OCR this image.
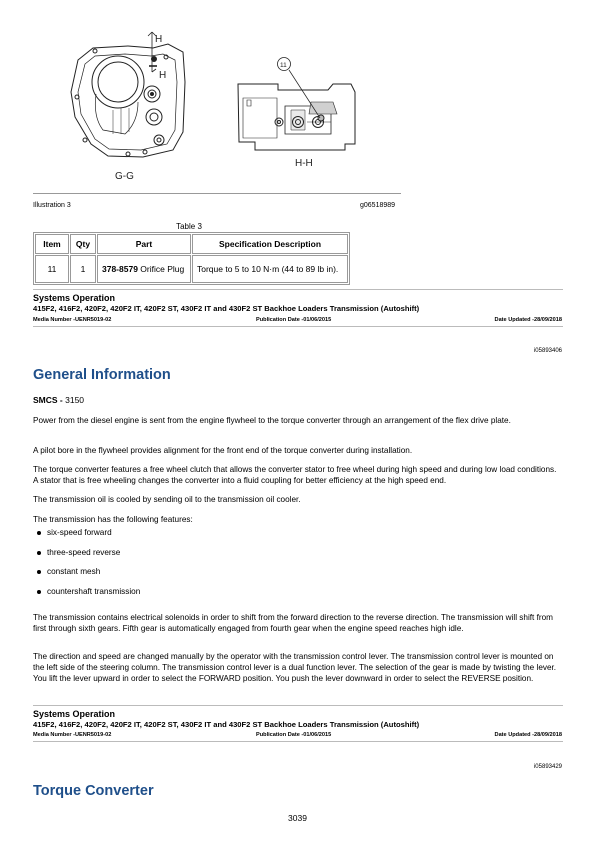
H
H
G-G
H-H
11
Illustration 3	g06518989
Table 3
Item	Qty	Part	Specification Description
11	1	378-8579 Orifice Plug	Torque to 5 to 10 N·m (44 to 89 lb in).
Systems Operation
415F2, 416F2, 420F2, 420F2 IT, 420F2 ST, 430F2 IT and 430F2 ST Backhoe Loaders Transmission (Autoshift)
Media Number -UENR5019-02	Publication Date -01/06/2015	Date Updated -28/09/2018
i05893406
General Information
SMCS - 3150
Power from the diesel engine is sent from the engine flywheel to the torque converter through an arrangement of the flex drive plate.
A pilot bore in the flywheel provides alignment for the front end of the torque converter during installation.
The torque converter features a free wheel clutch that allows the converter stator to free wheel during high speed and during low load conditions. A stator that is free wheeling changes the converter into a fluid coupling for better efficiency at the high speed end.
The transmission oil is cooled by sending oil to the transmission oil cooler.
The transmission has the following features:
six-speed forward
three-speed reverse
constant mesh
countershaft transmission
The transmission contains electrical solenoids in order to shift from the forward direction to the reverse direction. The transmission will shift from first through sixth gears. Fifth gear is automatically engaged from fourth gear when the engine speed reaches high idle.
The direction and speed are changed manually by the operator with the transmission control lever. The transmission control lever is mounted on the left side of the steering column. The transmission control lever is a dual function lever. The selection of the gear is made by twisting the lever. You lift the lever upward in order to select the FORWARD position. You push the lever downward in order to select the REVERSE position.
Systems Operation
415F2, 416F2, 420F2, 420F2 IT, 420F2 ST, 430F2 IT and 430F2 ST Backhoe Loaders Transmission (Autoshift)
Media Number -UENR5019-02	Publication Date -01/06/2015	Date Updated -28/09/2018
i05893429
Torque Converter
3039
